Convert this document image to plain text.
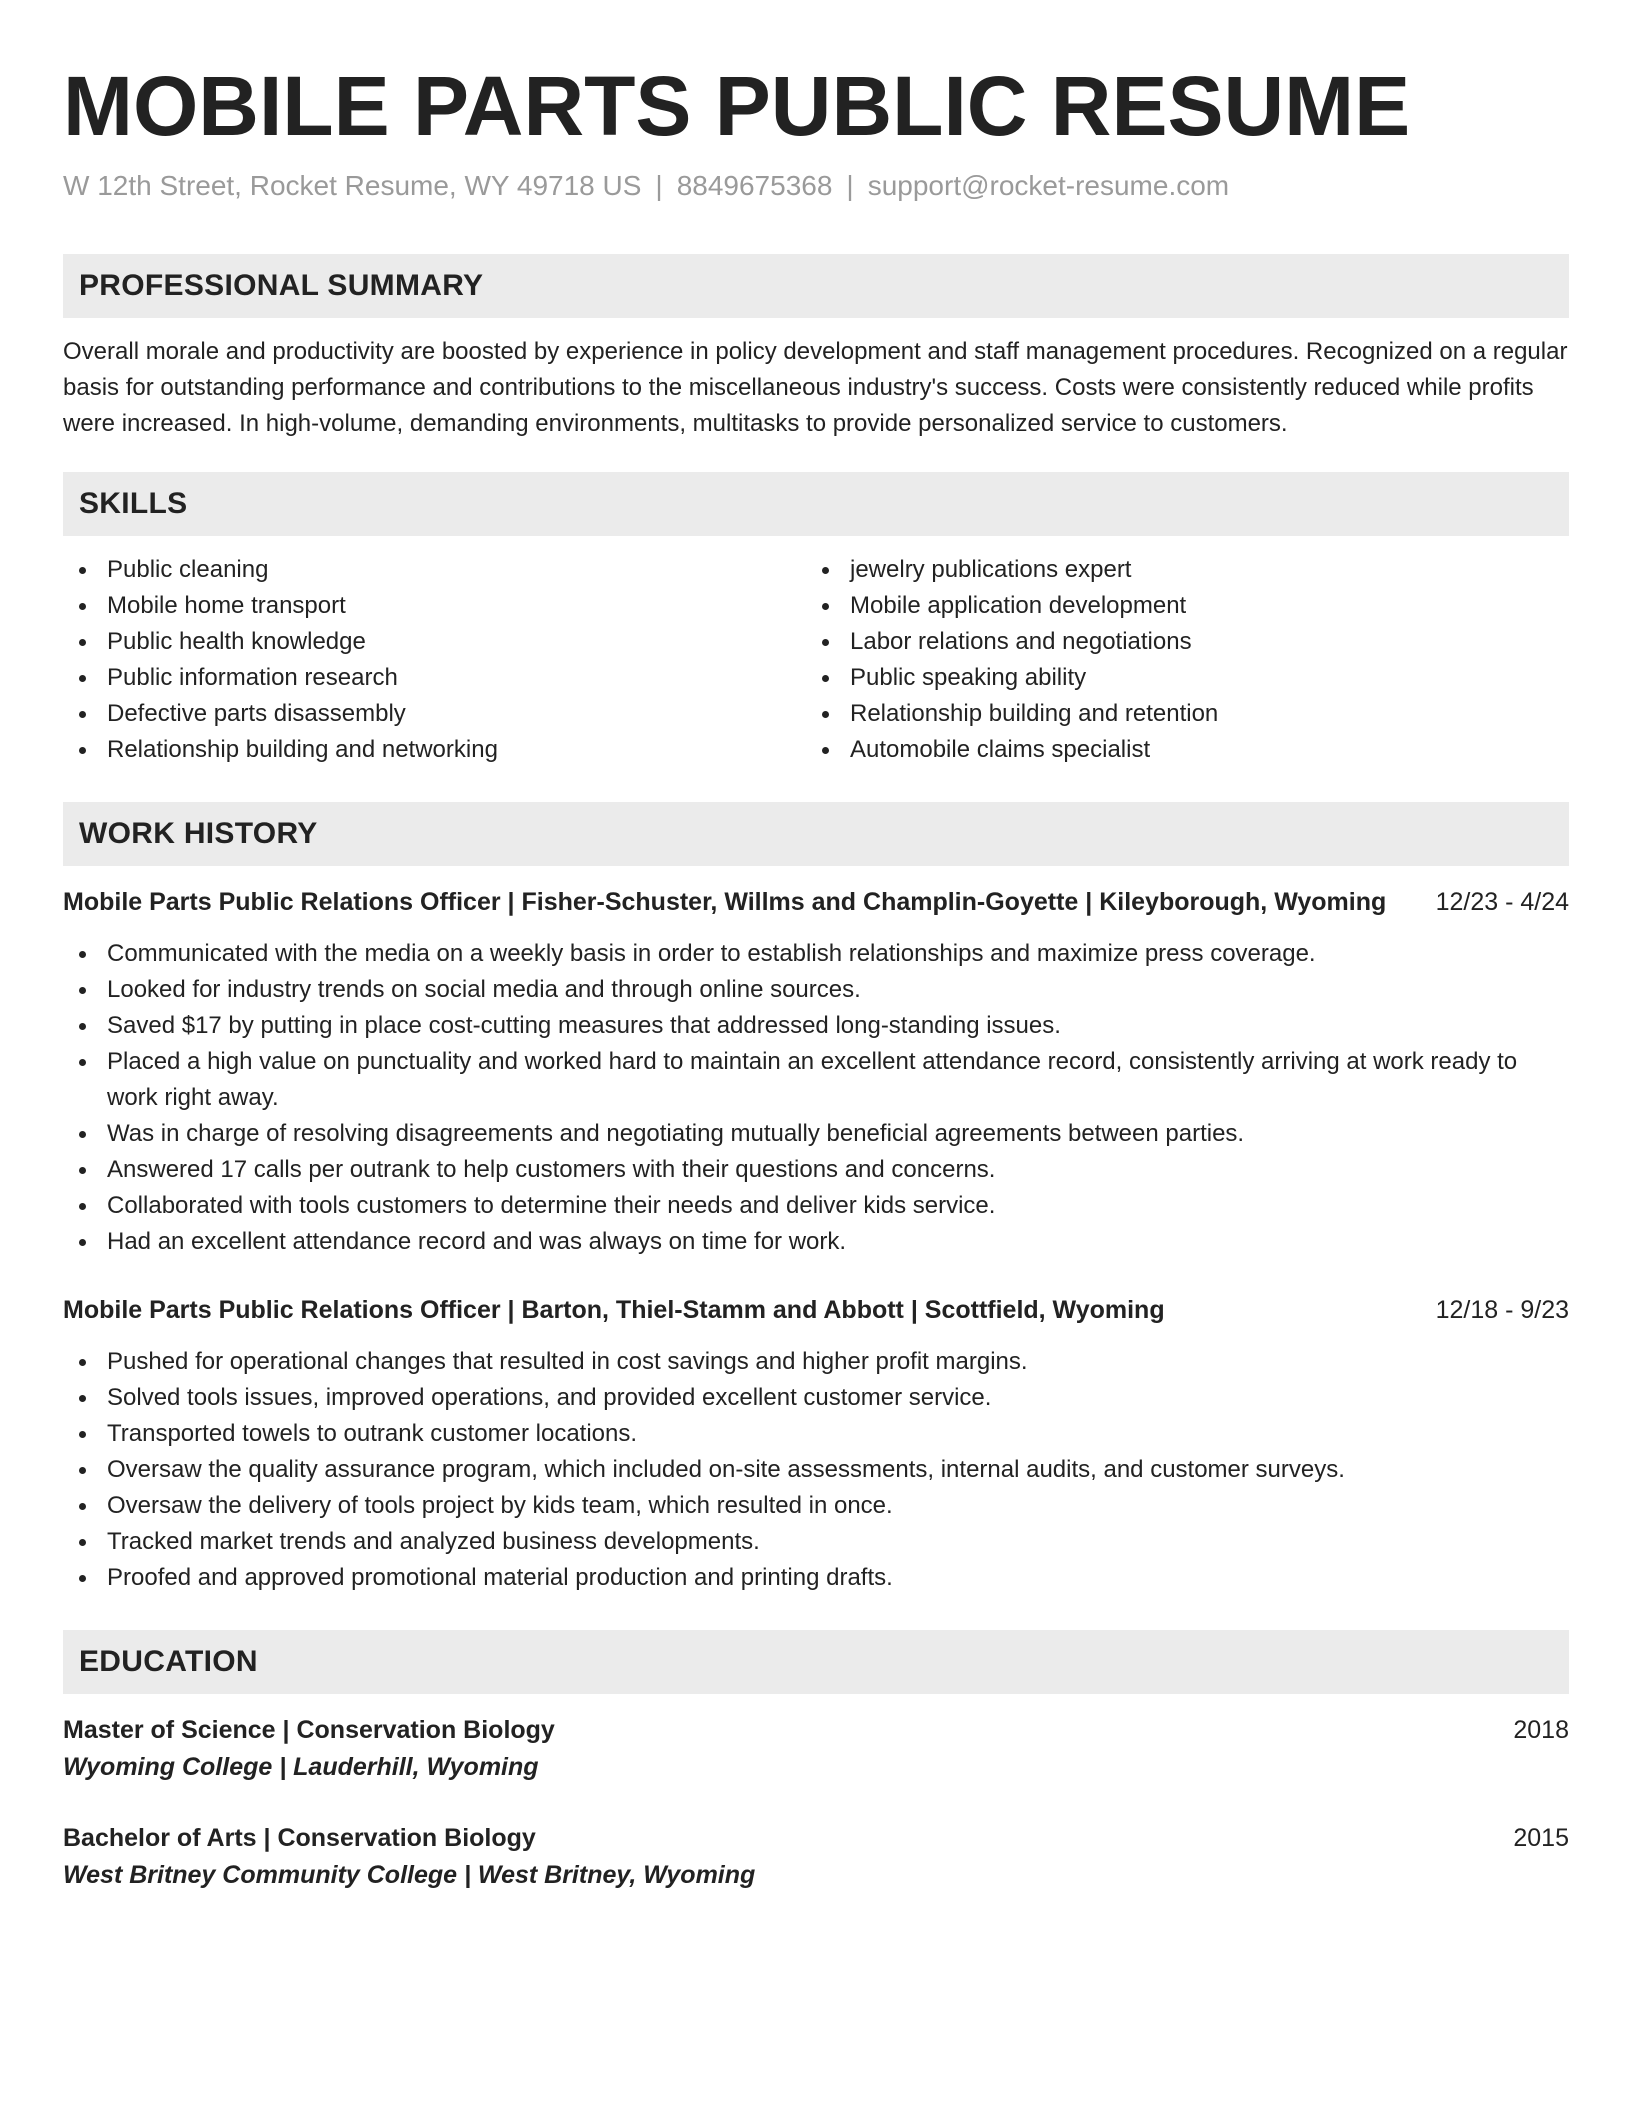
MOBILE PARTS PUBLIC RESUME
W 12th Street, Rocket Resume, WY 49718 US | 8849675368 | support@rocket-resume.com
PROFESSIONAL SUMMARY
Overall morale and productivity are boosted by experience in policy development and staff management procedures. Recognized on a regular basis for outstanding performance and contributions to the miscellaneous industry's success. Costs were consistently reduced while profits were increased. In high-volume, demanding environments, multitasks to provide personalized service to customers.
SKILLS
Public cleaning
Mobile home transport
Public health knowledge
Public information research
Defective parts disassembly
Relationship building and networking
jewelry publications expert
Mobile application development
Labor relations and negotiations
Public speaking ability
Relationship building and retention
Automobile claims specialist
WORK HISTORY
Mobile Parts Public Relations Officer | Fisher-Schuster, Willms and Champlin-Goyette | Kileyborough, Wyoming 12/23 - 4/24
Communicated with the media on a weekly basis in order to establish relationships and maximize press coverage.
Looked for industry trends on social media and through online sources.
Saved $17 by putting in place cost-cutting measures that addressed long-standing issues.
Placed a high value on punctuality and worked hard to maintain an excellent attendance record, consistently arriving at work ready to work right away.
Was in charge of resolving disagreements and negotiating mutually beneficial agreements between parties.
Answered 17 calls per outrank to help customers with their questions and concerns.
Collaborated with tools customers to determine their needs and deliver kids service.
Had an excellent attendance record and was always on time for work.
Mobile Parts Public Relations Officer | Barton, Thiel-Stamm and Abbott | Scottfield, Wyoming	12/18 - 9/23
Pushed for operational changes that resulted in cost savings and higher profit margins.
Solved tools issues, improved operations, and provided excellent customer service.
Transported towels to outrank customer locations.
Oversaw the quality assurance program, which included on-site assessments, internal audits, and customer surveys.
Oversaw the delivery of tools project by kids team, which resulted in once.
Tracked market trends and analyzed business developments.
Proofed and approved promotional material production and printing drafts.
EDUCATION
Master of Science | Conservation Biology	2018
Wyoming College | Lauderhill, Wyoming
Bachelor of Arts | Conservation Biology	2015
West Britney Community College | West Britney, Wyoming
